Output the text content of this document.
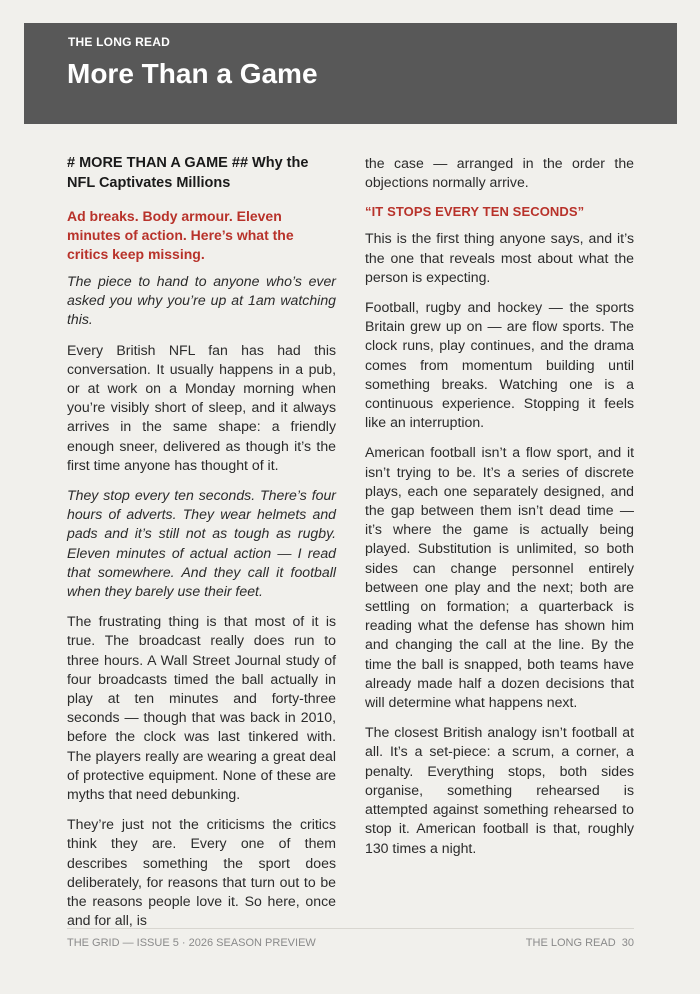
THE LONG READ
More Than a Game
# MORE THAN A GAME ## Why the NFL Captivates Millions
Ad breaks. Body armour. Eleven minutes of action. Here’s what the critics keep missing.

The piece to hand to anyone who’s ever asked you why you’re up at 1am watching this.

Every British NFL fan has had this conversation. It usually happens in a pub, or at work on a Monday morning when you’re visibly short of sleep, and it always arrives in the same shape: a friendly enough sneer, delivered as though it’s the first time anyone has thought of it.

They stop every ten seconds. There’s four hours of adverts. They wear helmets and pads and it’s still not as tough as rugby. Eleven minutes of actual action — I read that somewhere. And they call it football when they barely use their feet.

The frustrating thing is that most of it is true. The broadcast really does run to three hours. A Wall Street Journal study of four broadcasts timed the ball actually in play at ten minutes and forty-three seconds — though that was back in 2010, before the clock was last tinkered with. The players really are wearing a great deal of protective equipment. None of these are myths that need debunking.

They’re just not the criticisms the critics think they are. Every one of them describes something the sport does deliberately, for reasons that turn out to be the reasons people love it. So here, once and for all, is

the case — arranged in the order the objections normally arrive.

“IT STOPS EVERY TEN SECONDS”

This is the first thing anyone says, and it’s the one that reveals most about what the person is expecting.

Football, rugby and hockey — the sports Britain grew up on — are flow sports. The clock runs, play continues, and the drama comes from momentum building until something breaks. Watching one is a continuous experience. Stopping it feels like an interruption.

American football isn’t a flow sport, and it isn’t trying to be. It’s a series of discrete plays, each one separately designed, and the gap between them isn’t dead time — it’s where the game is actually being played. Substitution is unlimited, so both sides can change personnel entirely between one play and the next; both are settling on formation; a quarterback is reading what the defense has shown him and changing the call at the line. By the time the ball is snapped, both teams have already made half a dozen decisions that will determine what happens next.

The closest British analogy isn’t football at all. It’s a set-piece: a scrum, a corner, a penalty. Everything stops, both sides organise, something rehearsed is attempted against something rehearsed to stop it. American football is that, roughly 130 times a night.

THE GRID — ISSUE 5 · 2026 SEASON PREVIEW	THE LONG READ  30
